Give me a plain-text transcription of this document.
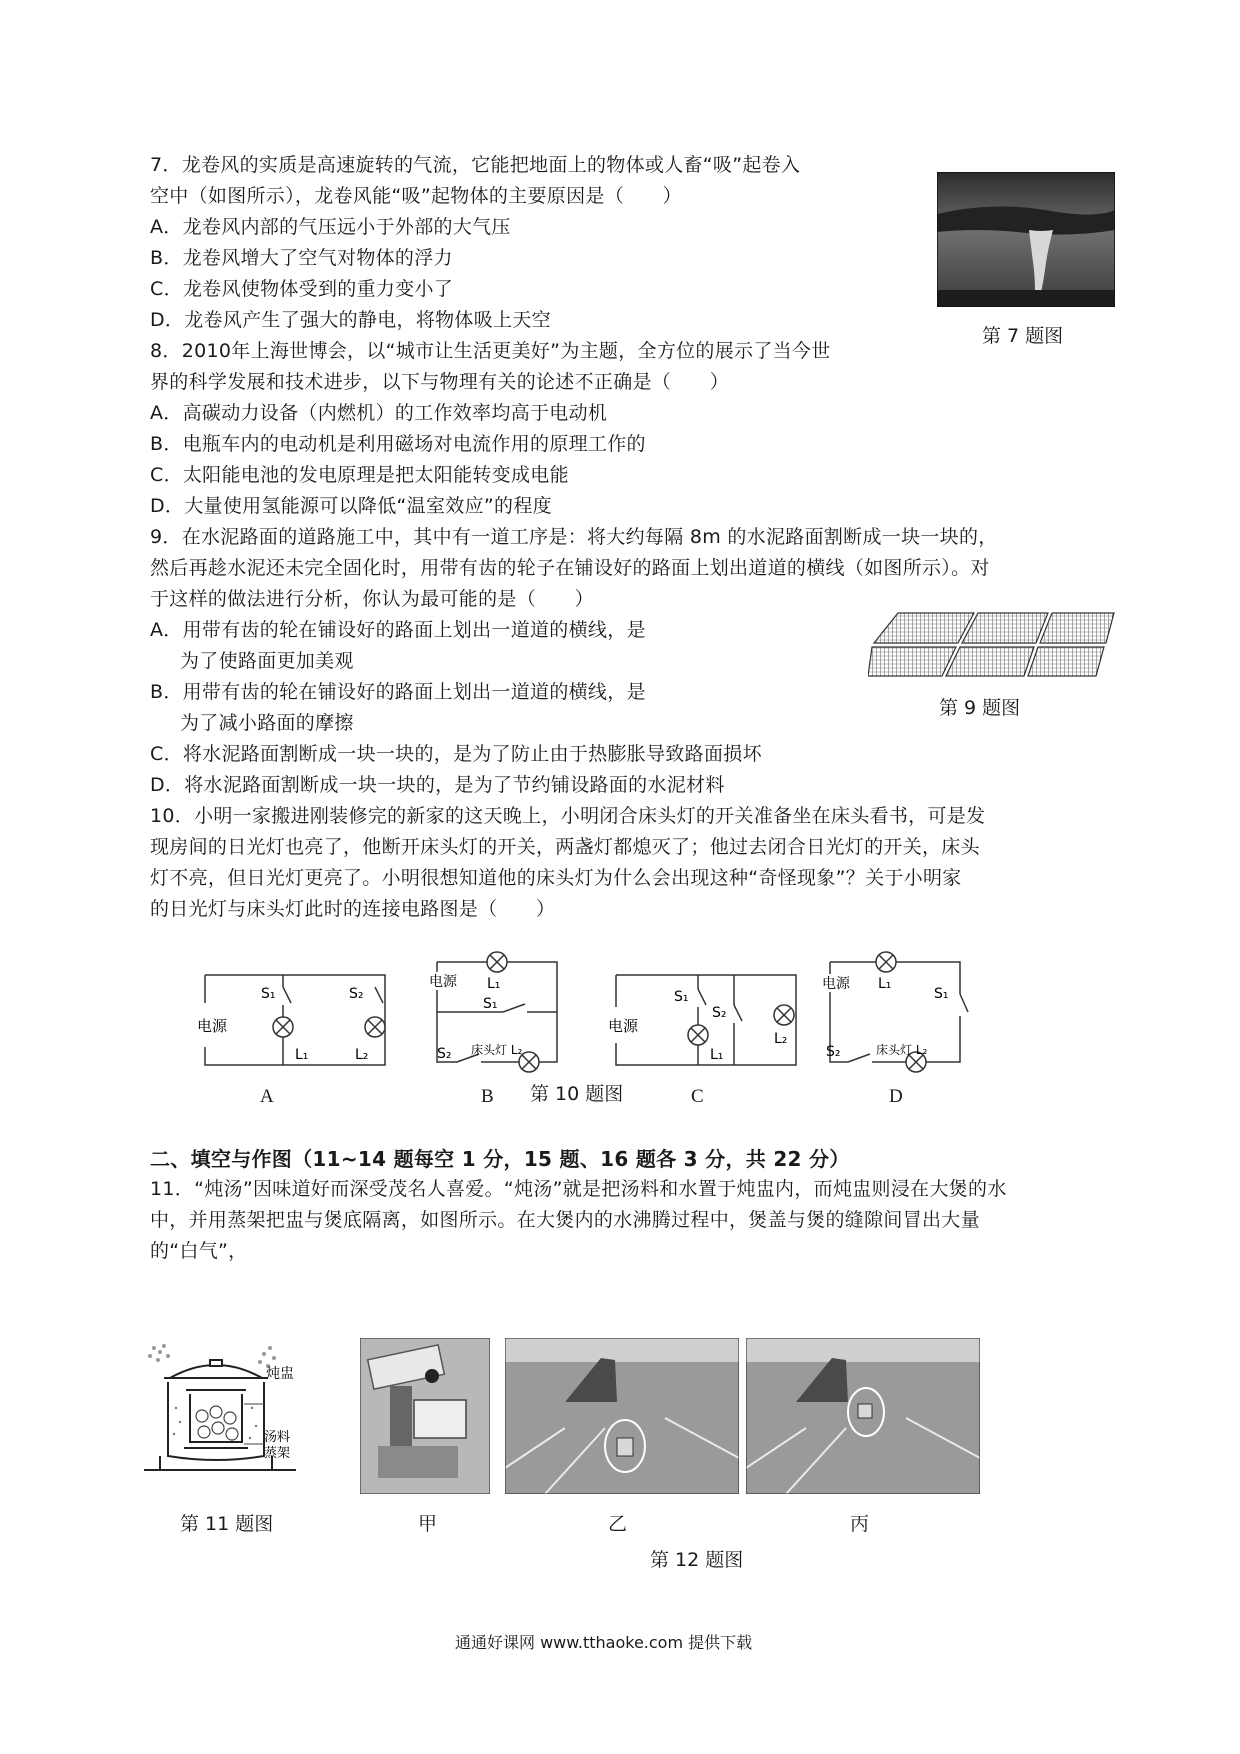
7．龙卷风的实质是高速旋转的气流，它能把地面上的物体或人畜“吸”起卷入
空中（如图所示），龙卷风能“吸”起物体的主要原因是（　　）
A．龙卷风内部的气压远小于外部的大气压
B．龙卷风增大了空气对物体的浮力
C．龙卷风使物体受到的重力变小了
D．龙卷风产生了强大的静电，将物体吸上天空
第 7 题图
8．2010年上海世博会，以“城市让生活更美好”为主题，全方位的展示了当今世
界的科学发展和技术进步，以下与物理有关的论述不正确是（　　）
A．高碳动力设备（内燃机）的工作效率均高于电动机
B．电瓶车内的电动机是利用磁场对电流作用的原理工作的
C．太阳能电池的发电原理是把太阳能转变成电能
D．大量使用氢能源可以降低“温室效应”的程度
9．在水泥路面的道路施工中，其中有一道工序是：将大约每隔 8m 的水泥路面割断成一块一块的，
然后再趁水泥还未完全固化时，用带有齿的轮子在铺设好的路面上划出道道的横线（如图所示）。对
于这样的做法进行分析，你认为最可能的是（　　）
A．用带有齿的轮在铺设好的路面上划出一道道的横线，是
为了使路面更加美观
B．用带有齿的轮在铺设好的路面上划出一道道的横线，是
为了减小路面的摩擦
C．将水泥路面割断成一块一块的，是为了防止由于热膨胀导致路面损坏
D．将水泥路面割断成一块一块的，是为了节约铺设路面的水泥材料
第 9 题图
10．小明一家搬进刚装修完的新家的这天晚上，小明闭合床头灯的开关准备坐在床头看书，可是发
现房间的日光灯也亮了，他断开床头灯的开关，两盏灯都熄灭了；他过去闭合日光灯的开关，床头
灯不亮，但日光灯更亮了。小明很想知道他的床头灯为什么会出现这种“奇怪现象”？关于小明家
的日光灯与床头灯此时的连接电路图是（　　）
电源
S₁	S₂
L₁	L₂
A
电源 L₁
S₁
S₂ 床头灯 L₂
B 第 10 题图
电源
S₁
S₂
L₁
L₂
C
电源 L₁
S₁
S₂	床头灯 L₂
D
二、填空与作图（11~14 题每空 1 分，15 题、16 题各 3 分，共 22 分）
11．“炖汤”因味道好而深受茂名人喜爱。“炖汤”就是把汤料和水置于炖盅内，而炖盅则浸在大煲的水
中，并用蒸架把盅与煲底隔离，如图所示。在大煲内的水沸腾过程中，煲盖与煲的缝隙间冒出大量
的“白气”，
炖盅
汤料
蒸架
第 11 题图	甲	乙	丙
第 12 题图
通通好课网 www.tthaoke.com 提供下载
